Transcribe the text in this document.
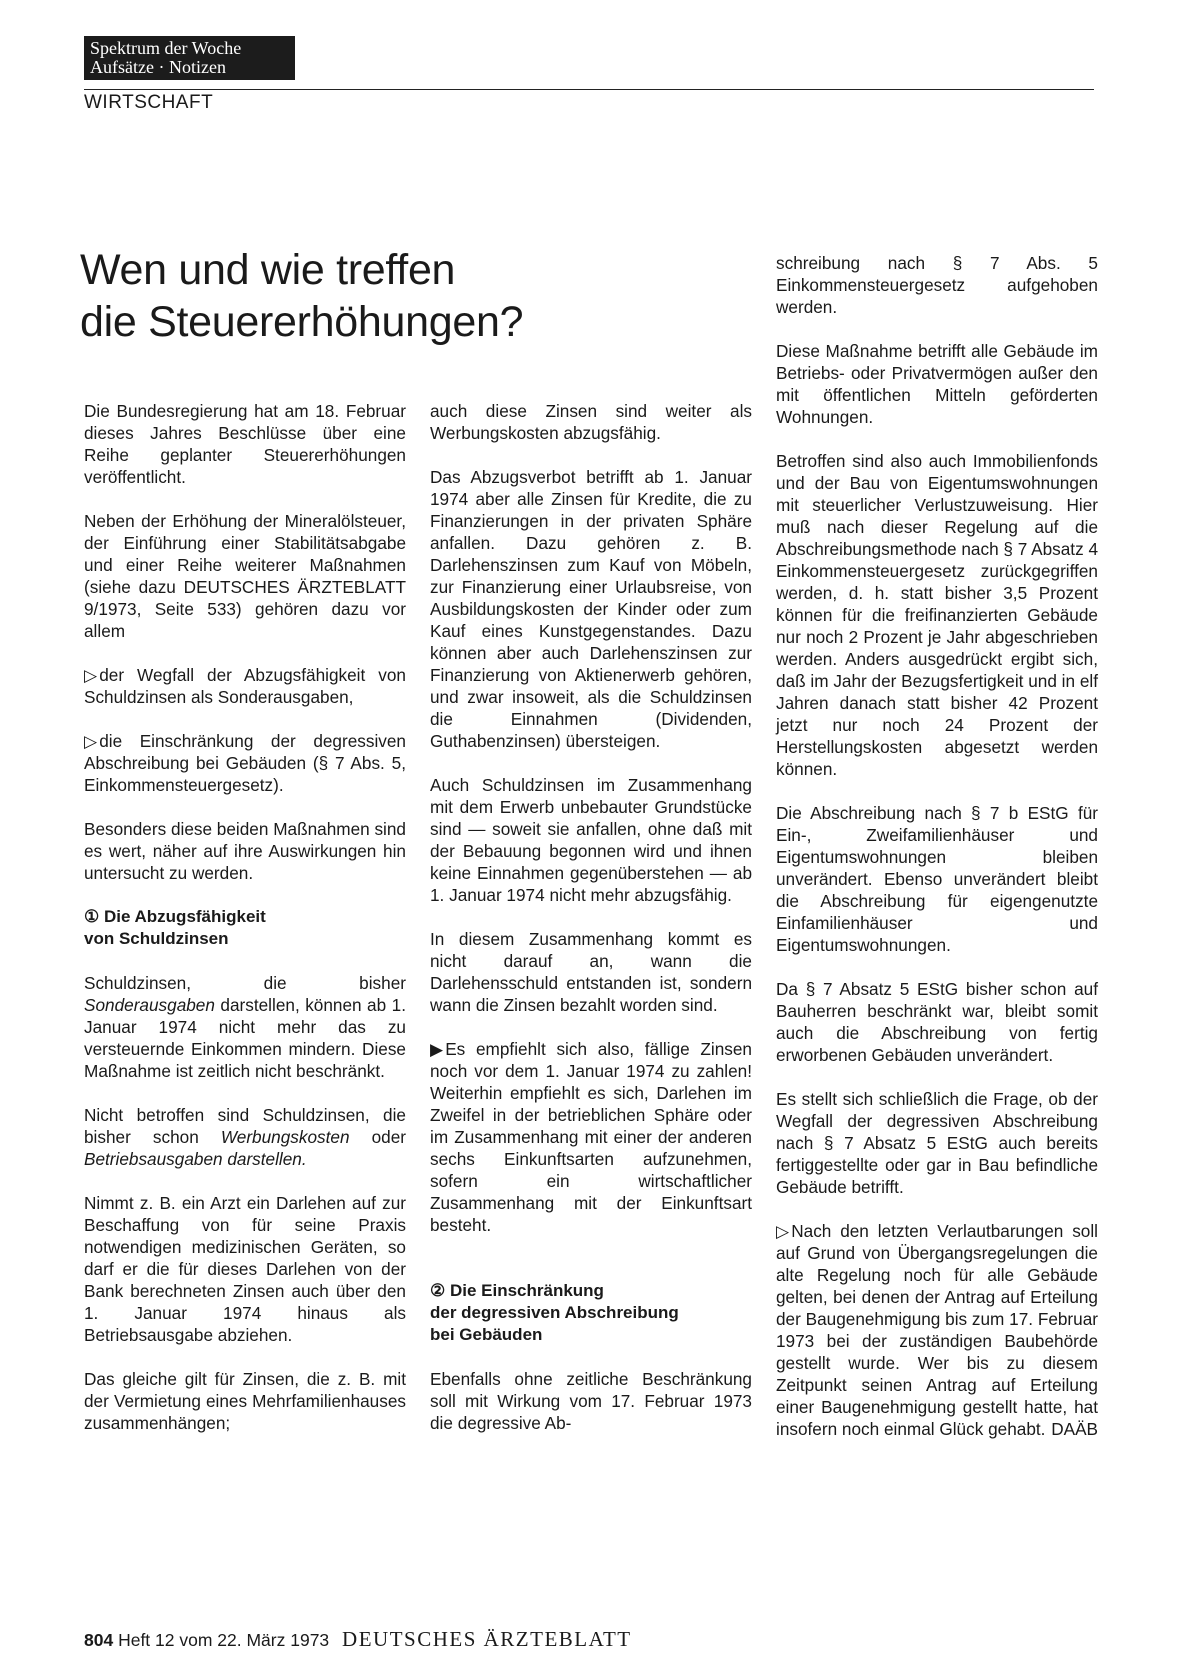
Spektrum der Woche
Aufsätze · Notizen
WIRTSCHAFT
Wen und wie treffen
die Steuererhöhungen?

Die Bundesregierung hat am 18. Februar dieses Jahres Beschlüsse über eine Reihe geplanter Steuererhöhungen veröffentlicht.

Neben der Erhöhung der Mineralölsteuer, der Einführung einer Stabilitätsabgabe und einer Reihe weiterer Maßnahmen (siehe dazu DEUTSCHES ÄRZTEBLATT 9/1973, Seite 533) gehören dazu vor allem

▷ der Wegfall der Abzugsfähigkeit von Schuldzinsen als Sonderausgaben,

▷ die Einschränkung der degressiven Abschreibung bei Gebäuden (§ 7 Abs. 5, Einkommensteuergesetz).

Besonders diese beiden Maßnahmen sind es wert, näher auf ihre Auswirkungen hin untersucht zu werden.

① Die Abzugsfähigkeit
von Schuldzinsen

Schuldzinsen, die bisher Sonderausgaben darstellen, können ab 1. Januar 1974 nicht mehr das zu versteuernde Einkommen mindern. Diese Maßnahme ist zeitlich nicht beschränkt.

Nicht betroffen sind Schuldzinsen, die bisher schon Werbungskosten oder Betriebsausgaben darstellen.

Nimmt z. B. ein Arzt ein Darlehen auf zur Beschaffung von für seine Praxis notwendigen medizinischen Geräten, so darf er die für dieses Darlehen von der Bank berechneten Zinsen auch über den 1. Januar 1974 hinaus als Betriebsausgabe abziehen.

Das gleiche gilt für Zinsen, die z. B. mit der Vermietung eines Mehrfamilienhauses zusammenhängen;

auch diese Zinsen sind weiter als Werbungskosten abzugsfähig.

Das Abzugsverbot betrifft ab 1. Januar 1974 aber alle Zinsen für Kredite, die zu Finanzierungen in der privaten Sphäre anfallen. Dazu gehören z. B. Darlehenszinsen zum Kauf von Möbeln, zur Finanzierung einer Urlaubsreise, von Ausbildungskosten der Kinder oder zum Kauf eines Kunstgegenstandes. Dazu können aber auch Darlehenszinsen zur Finanzierung von Aktienerwerb gehören, und zwar insoweit, als die Schuldzinsen die Einnahmen (Dividenden, Guthabenzinsen) übersteigen.

Auch Schuldzinsen im Zusammenhang mit dem Erwerb unbebauter Grundstücke sind — soweit sie anfallen, ohne daß mit der Bebauung begonnen wird und ihnen keine Einnahmen gegenüberstehen — ab 1. Januar 1974 nicht mehr abzugsfähig.

In diesem Zusammenhang kommt es nicht darauf an, wann die Darlehensschuld entstanden ist, sondern wann die Zinsen bezahlt worden sind.

▶ Es empfiehlt sich also, fällige Zinsen noch vor dem 1. Januar 1974 zu zahlen! Weiterhin empfiehlt es sich, Darlehen im Zweifel in der betrieblichen Sphäre oder im Zusammenhang mit einer der anderen sechs Einkunftsarten aufzunehmen, sofern ein wirtschaftlicher Zusammenhang mit der Einkunftsart besteht.

② Die Einschränkung
der degressiven Abschreibung
bei Gebäuden

Ebenfalls ohne zeitliche Beschränkung soll mit Wirkung vom 17. Februar 1973 die degressive Ab-

schreibung nach § 7 Abs. 5 Einkommensteuergesetz aufgehoben werden.

Diese Maßnahme betrifft alle Gebäude im Betriebs- oder Privatvermögen außer den mit öffentlichen Mitteln geförderten Wohnungen.

Betroffen sind also auch Immobilienfonds und der Bau von Eigentumswohnungen mit steuerlicher Verlustzuweisung. Hier muß nach dieser Regelung auf die Abschreibungsmethode nach § 7 Absatz 4 Einkommensteuergesetz zurückgegriffen werden, d. h. statt bisher 3,5 Prozent können für die freifinanzierten Gebäude nur noch 2 Prozent je Jahr abgeschrieben werden. Anders ausgedrückt ergibt sich, daß im Jahr der Bezugsfertigkeit und in elf Jahren danach statt bisher 42 Prozent jetzt nur noch 24 Prozent der Herstellungskosten abgesetzt werden können.

Die Abschreibung nach § 7 b EStG für Ein-, Zweifamilienhäuser und Eigentumswohnungen bleiben unverändert. Ebenso unverändert bleibt die Abschreibung für eigengenutzte Einfamilienhäuser und Eigentumswohnungen.

Da § 7 Absatz 5 EStG bisher schon auf Bauherren beschränkt war, bleibt somit auch die Abschreibung von fertig erworbenen Gebäuden unverändert.

Es stellt sich schließlich die Frage, ob der Wegfall der degressiven Abschreibung nach § 7 Absatz 5 EStG auch bereits fertiggestellte oder gar in Bau befindliche Gebäude betrifft.

▷ Nach den letzten Verlautbarungen soll auf Grund von Übergangsregelungen die alte Regelung noch für alle Gebäude gelten, bei denen der Antrag auf Erteilung der Baugenehmigung bis zum 17. Februar 1973 bei der zuständigen Baubehörde gestellt wurde. Wer bis zu diesem Zeitpunkt seinen Antrag auf Erteilung einer Baugenehmigung gestellt hatte, hat insofern noch einmal Glück gehabt. DAÄB

804 Heft 12 vom 22. März 1973 DEUTSCHES ÄRZTEBLATT
